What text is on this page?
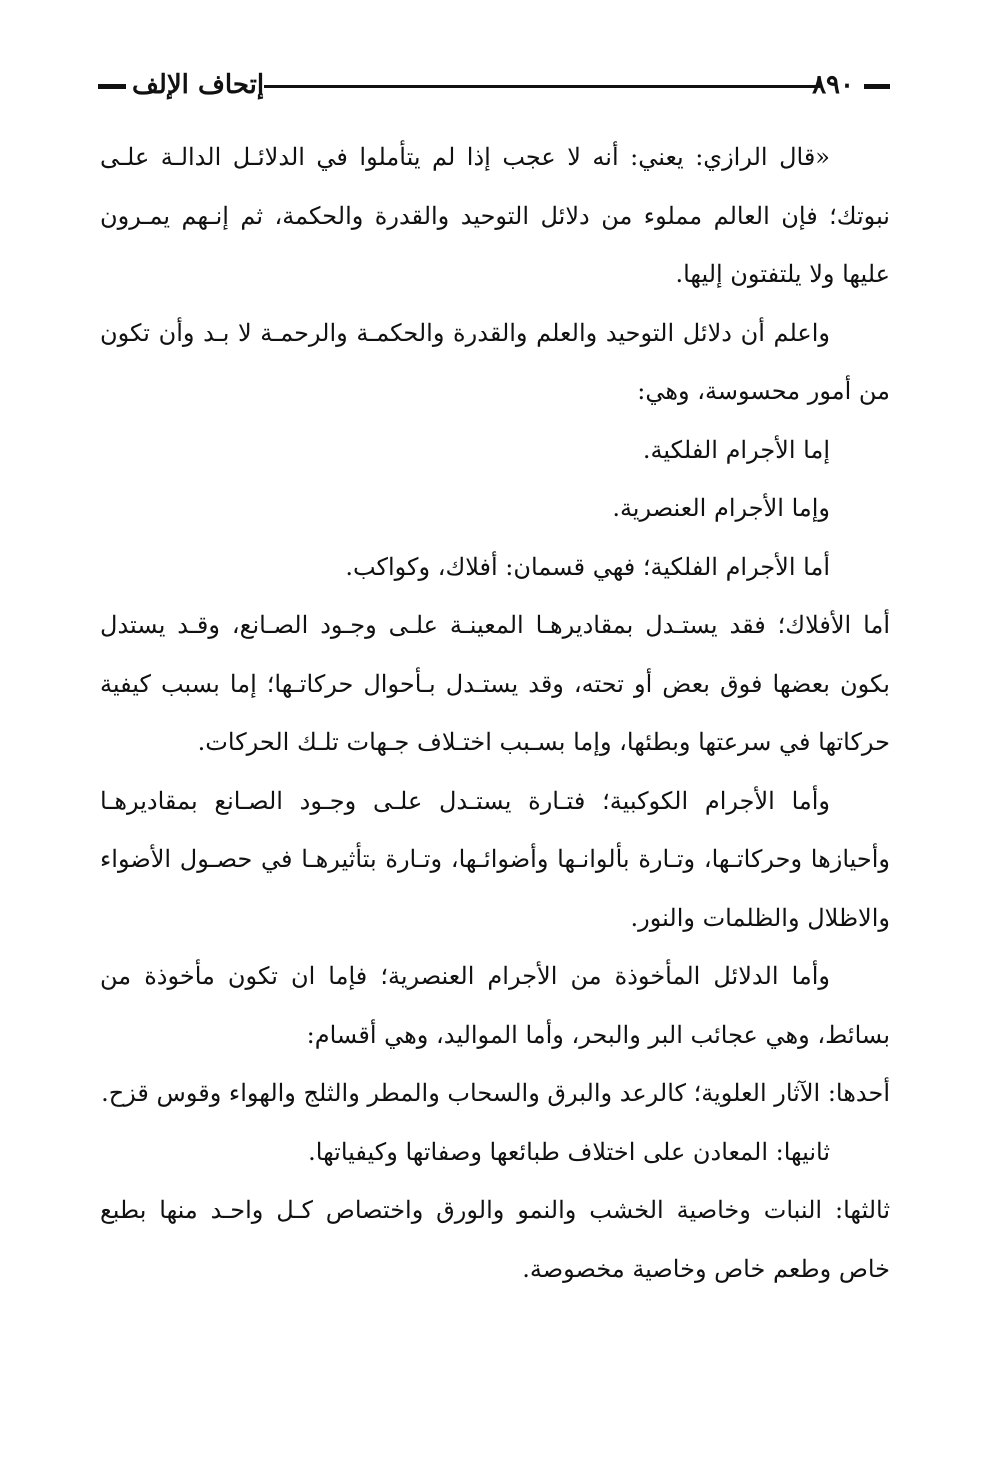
إتحاف الإلف	٨٩٠

«قال الرازي: يعني: أنه لا عجب إذا لم يتأملوا في الدلائـل الدالـة علـى نبوتك؛ فإن العالم مملوء من دلائل التوحيد والقدرة والحكمة، ثم إنـهم يمـرون عليها ولا يلتفتون إليها.

واعلم أن دلائل التوحيد والعلم والقدرة والحكمـة والرحمـة لا بـد وأن تكون من أمور محسوسة، وهي:

إما الأجرام الفلكية.

وإما الأجرام العنصرية.

أما الأجرام الفلكية؛ فهي قسمان: أفلاك، وكواكب.

أما الأفلاك؛ فقد يستـدل بمقاديرهـا المعينـة علـى وجـود الصـانع، وقـد يستدل بكون بعضها فوق بعض أو تحته، وقد يستـدل بـأحوال حركاتـها؛ إما بسبب كيفية حركاتها في سرعتها وبطئها، وإما بسـبب اختـلاف جـهات تلـك الحركات.

وأما الأجرام الكوكبية؛ فتـارة يستـدل علـى وجـود الصـانع بمقاديرهـا وأحيازها وحركاتـها، وتـارة بألوانـها وأضوائـها، وتـارة بتأثيرهـا في حصـول الأضواء والاظلال والظلمات والنور.

وأما الدلائل المأخوذة من الأجرام العنصرية؛ فإما ان تكون مأخوذة من بسائط، وهي عجائب البر والبحر، وأما المواليد، وهي أقسام:

أحدها: الآثار العلوية؛ كالرعد والبرق والسحاب والمطر والثلج والهواء وقوس قزح.

ثانيها: المعادن على اختلاف طبائعها وصفاتها وكيفياتها.

ثالثها: النبات وخاصية الخشب والنمو والورق واختصاص كـل واحـد منها بطبع خاص وطعم خاص وخاصية مخصوصة.
